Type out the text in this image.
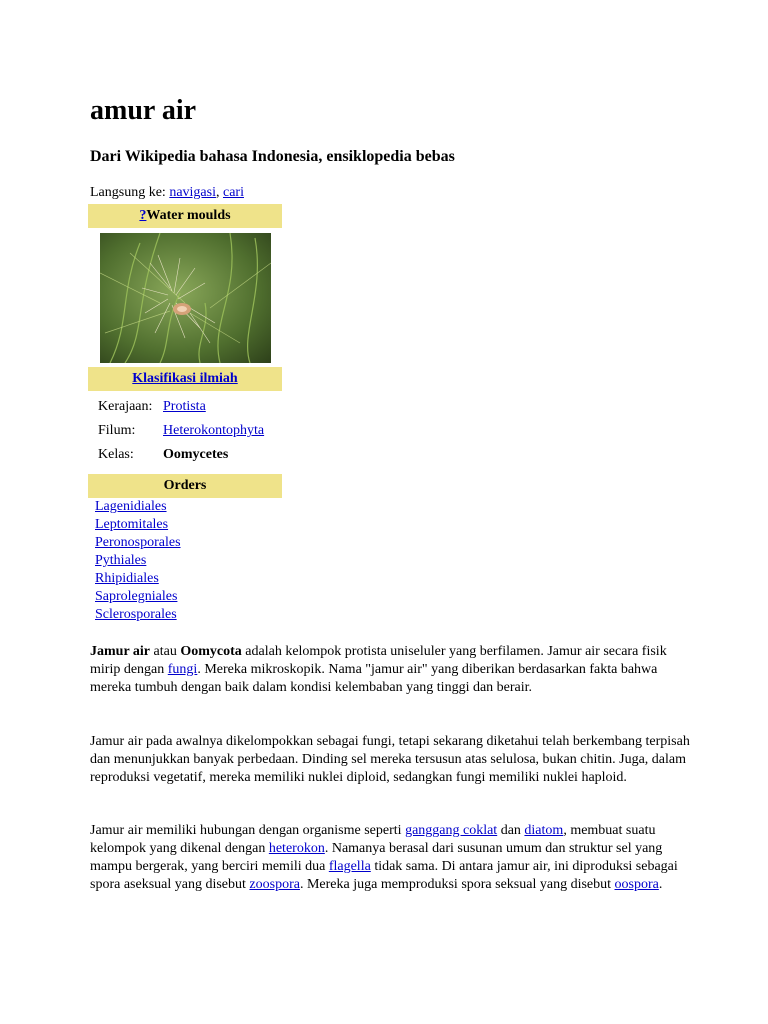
amur air
Dari Wikipedia bahasa Indonesia, ensiklopedia bebas

Langsung ke: navigasi, cari

?Water moulds
Klasifikasi ilmiah
Kerajaan: Protista
Filum:	Heterokontophyta
Kelas:	Oomycetes
Orders
Lagenidiales
Leptomitales
Peronosporales
Pythiales
Rhipidiales
Saprolegniales
Sclerosporales

Jamur air atau Oomycota adalah kelompok protista uniseluler yang berfilamen. Jamur air secara fisik mirip dengan fungi. Mereka mikroskopik. Nama "jamur air" yang diberikan berdasarkan fakta bahwa mereka tumbuh dengan baik dalam kondisi kelembaban yang tinggi dan berair.

Jamur air pada awalnya dikelompokkan sebagai fungi, tetapi sekarang diketahui telah berkembang terpisah dan menunjukkan banyak perbedaan. Dinding sel mereka tersusun atas selulosa, bukan chitin. Juga, dalam reproduksi vegetatif, mereka memiliki nuklei diploid, sedangkan fungi memiliki nuklei haploid.

Jamur air memiliki hubungan dengan organisme seperti ganggang coklat dan diatom, membuat suatu kelompok yang dikenal dengan heterokon. Namanya berasal dari susunan umum dan struktur sel yang mampu bergerak, yang berciri memili dua flagella tidak sama. Di antara jamur air, ini diproduksi sebagai spora aseksual yang disebut zoospora. Mereka juga memproduksi spora seksual yang disebut oospora.
